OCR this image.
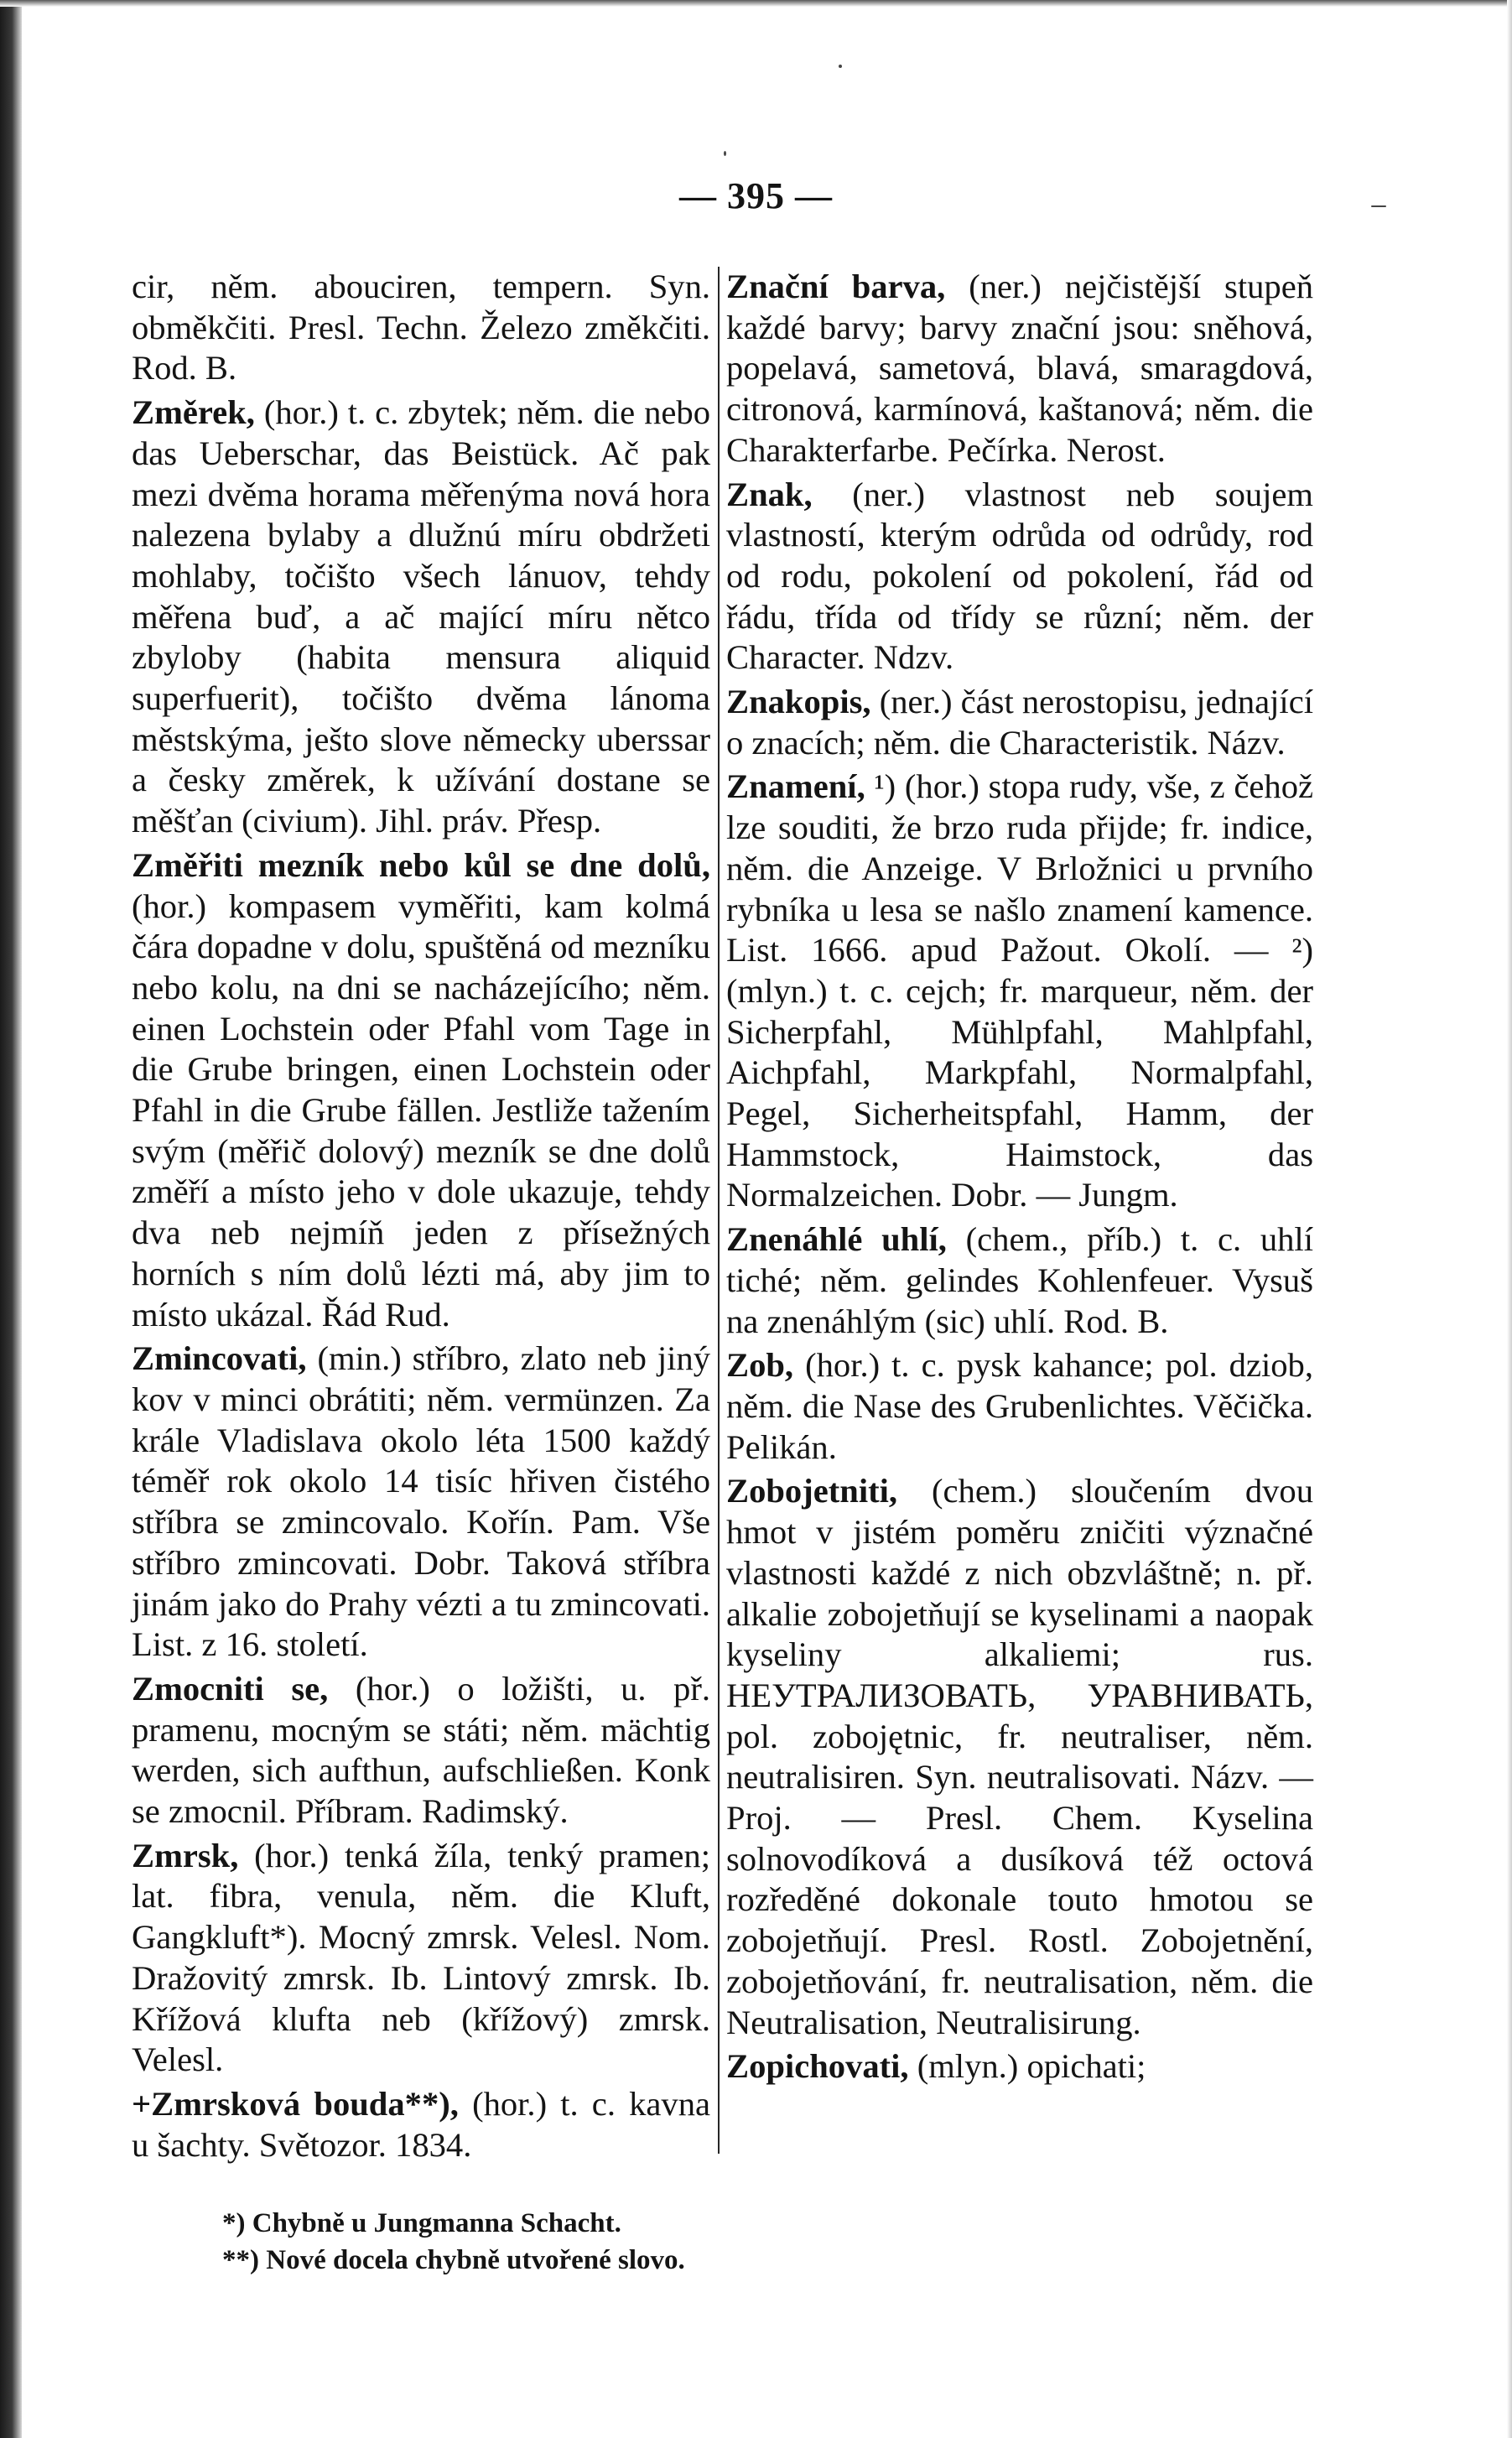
— 395 —

cir, něm. abouciren, tempern. Syn. obměkčiti. Presl. Techn. Železo změkčiti. Rod. B.

Změrek, (hor.) t. c. zbytek; něm. die nebo das Ueberschar, das Beistück. Ač pak mezi dvěma horama měřenýma nová hora nalezena bylaby a dlužnú míru obdržeti mohlaby, točišto všech lánuov, tehdy měřena buď, a ač mající míru nětco zbyloby (habita mensura aliquid superfuerit), točišto dvěma lánoma městskýma, ješto slove německy uberssar a česky změrek, k užívání dostane se měšťan (civium). Jihl. práv. Přesp.

Změřiti mezník nebo kůl se dne dolů, (hor.) kompasem vyměřiti, kam kolmá čára dopadne v dolu, spuštěná od mezníku nebo kolu, na dni se nacházejícího; něm. einen Lochstein oder Pfahl vom Tage in die Grube bringen, einen Lochstein oder Pfahl in die Grube fällen. Jestliže tažením svým (měřič dolový) mezník se dne dolů změří a místo jeho v dole ukazuje, tehdy dva neb nejmíň jeden z přísežných horních s ním dolů lézti má, aby jim to místo ukázal. Řád Rud.

Zmincovati, (min.) stříbro, zlato neb jiný kov v minci obrátiti; něm. vermünzen. Za krále Vladislava okolo léta 1500 každý téměř rok okolo 14 tisíc hřiven čistého stříbra se zmincovalo. Kořín. Pam. Vše stříbro zmincovati. Dobr. Taková stříbra jinám jako do Prahy vézti a tu zmincovati. List. z 16. století.

Zmocniti se, (hor.) o ložišti, u. př. pramenu, mocným se státi; něm. mächtig werden, sich aufthun, aufschließen. Konk se zmocnil. Příbram. Radimský.

Zmrsk, (hor.) tenká žíla, tenký pramen; lat. fibra, venula, něm. die Kluft, Gangkluft*). Mocný zmrsk. Velesl. Nom. Dražovitý zmrsk. Ib. Lintový zmrsk. Ib. Křížová klufta neb (křížový) zmrsk. Velesl.

+Zmrsková bouda**), (hor.) t. c. kavna u šachty. Světozor. 1834.

Znační barva, (ner.) nejčistější stupeň každé barvy; barvy znační jsou: sněhová, popelavá, sametová, blavá, smaragdová, citronová, karmínová, kaštanová; něm. die Charakterfarbe. Pečírka. Nerost.

Znak, (ner.) vlastnost neb soujem vlastností, kterým odrůda od odrůdy, rod od rodu, pokolení od pokolení, řád od řádu, třída od třídy se různí; něm. der Character. Ndzv.

Znakopis, (ner.) část nerostopisu, jednající o znacích; něm. die Characteristik. Názv.

Znamení, ¹) (hor.) stopa rudy, vše, z čehož lze souditi, že brzo ruda přijde; fr. indice, něm. die Anzeige. V Brložnici u prvního rybníka u lesa se našlo znamení kamence. List. 1666. apud Pažout. Okolí. — ²) (mlyn.) t. c. cejch; fr. marqueur, něm. der Sicherpfahl, Mühlpfahl, Mahlpfahl, Aichpfahl, Markpfahl, Normalpfahl, Pegel, Sicherheitspfahl, Hamm, der Hammstock, Haimstock, das Normalzeichen. Dobr. — Jungm.

Znenáhlé uhlí, (chem., příb.) t. c. uhlí tiché; něm. gelindes Kohlenfeuer. Vysuš na znenáhlým (sic) uhlí. Rod. B.

Zob, (hor.) t. c. pysk kahance; pol. dziob, něm. die Nase des Grubenlichtes. Věčička. Pelikán.

Zobojetniti, (chem.) sloučením dvou hmot v jistém poměru zničiti význačné vlastnosti každé z nich obzvláštně; n. př. alkalie zobojetňují se kyselinami a naopak kyseliny alkaliemi; rus. НЕУТРАЛИЗОВАТЬ, УРАВНИВАТЬ, pol. zobojętnic, fr. neutraliser, něm. neutralisiren. Syn. neutralisovati. Názv. — Proj. — Presl. Chem. Kyselina solnovodíková a dusíková též octová rozředěné dokonale touto hmotou se zobojetňují. Presl. Rostl. Zobojetnění, zobojetňování, fr. neutralisation, něm. die Neutralisation, Neutralisirung.

Zopichovati, (mlyn.) opichati;

*) Chybně u Jungmanna Schacht.

**) Nové docela chybně utvořené slovo.
